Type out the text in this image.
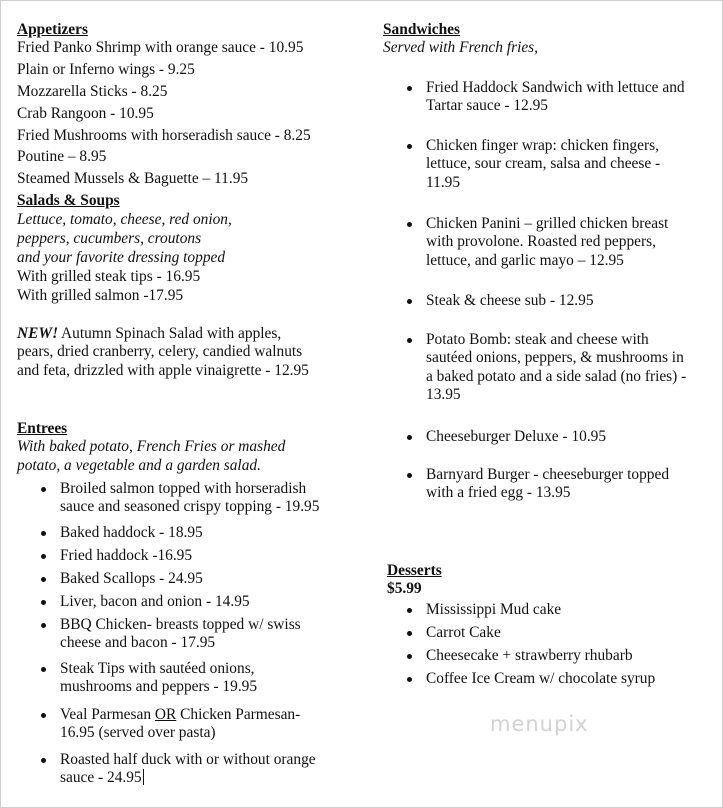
Appetizers
Fried Panko Shrimp with orange sauce - 10.95
Plain or Inferno wings - 9.25
Mozzarella Sticks - 8.25
Crab Rangoon - 10.95
Fried Mushrooms with horseradish sauce - 8.25
Poutine – 8.95
Steamed Mussels & Baguette – 11.95
Salads & Soups
Lettuce, tomato, cheese, red onion,
peppers, cucumbers, croutons
and your favorite dressing topped
With grilled steak tips - 16.95
With grilled salmon -17.95
NEW! Autumn Spinach Salad with apples,
pears, dried cranberry, celery, candied walnuts
and feta, drizzled with apple vinaigrette - 12.95
Entrees
With baked potato, French Fries or mashed
potato, a vegetable and a garden salad.
Broiled salmon topped with horseradish
sauce and seasoned crispy topping - 19.95
Baked haddock - 18.95
Fried haddock -16.95
Baked Scallops - 24.95
Liver, bacon and onion - 14.95
BBQ Chicken- breasts topped w/ swiss
cheese and bacon - 17.95
Steak Tips with sautéed onions,
mushrooms and peppers - 19.95
Veal Parmesan OR Chicken Parmesan-
16.95 (served over pasta)
Roasted half duck with or without orange
sauce - 24.95
Sandwiches
Served with French fries,
Fried Haddock Sandwich with lettuce and
Tartar sauce - 12.95
Chicken finger wrap: chicken fingers,
lettuce, sour cream, salsa and cheese -
11.95
Chicken Panini – grilled chicken breast
with provolone. Roasted red peppers,
lettuce, and garlic mayo – 12.95
Steak & cheese sub - 12.95
Potato Bomb: steak and cheese with
sautéed onions, peppers, & mushrooms in
a baked potato and a side salad (no fries) -
13.95
Cheeseburger Deluxe - 10.95
Barnyard Burger - cheeseburger topped
with a fried egg - 13.95
Desserts
$5.99
Mississippi Mud cake
Carrot Cake
Cheesecake + strawberry rhubarb
Coffee Ice Cream w/ chocolate syrup
menupix
